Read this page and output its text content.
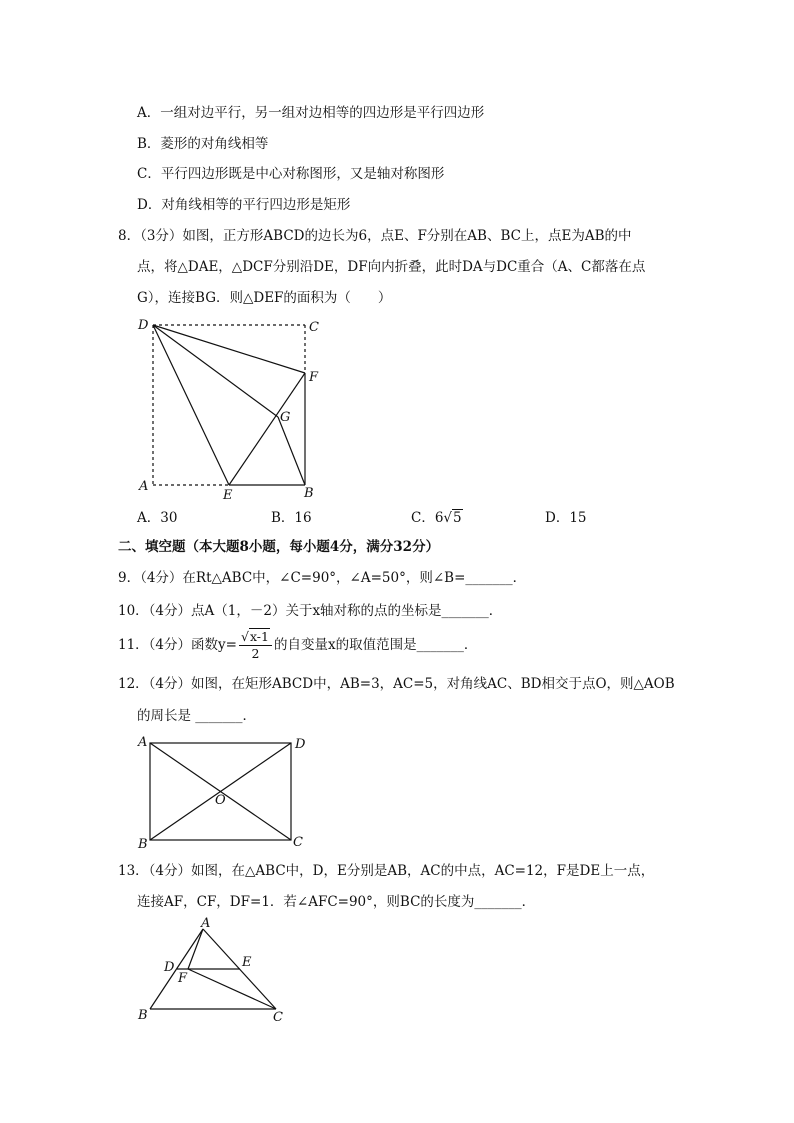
A．一组对边平行，另一组对边相等的四边形是平行四边形
B．菱形的对角线相等
C．平行四边形既是中心对称图形，又是轴对称图形
D．对角线相等的平行四边形是矩形
8．（3分）如图，正方形ABCD的边长为6，点E、F分别在AB、BC上，点E为AB的中
点，将△DAE，△DCF分别沿DE，DF向内折叠，此时DA与DC重合（A、C都落在点
G），连接BG．则△DEF的面积为（　　）
D	C
F
G
A
E	B
A．30	B．16	C．6√5	D．15
二、填空题（本大题8小题，每小题4分，满分32分）
9．（4分）在Rt△ABC中，∠C=90°，∠A=50°，则∠B=_______．
10．（4分）点A（1，－2）关于x轴对称的点的坐标是_______．
11．（4分）函数$y= \frac{√x-1}{2}$ 的自变量x的取值范围是_______．
12．（4分）如图，在矩形ABCD中，AB=3，AC=5，对角线AC、BD相交于点O，则△AOB
的周长是 _______．
A	D
O
B	C
13．（4分）如图，在△ABC中，D，E分别是AB，AC的中点，AC=12，F是DE上一点，
连接AF，CF，DF=1．若∠AFC=90°，则BC的长度为_______．
A
D	E
F
B	C
